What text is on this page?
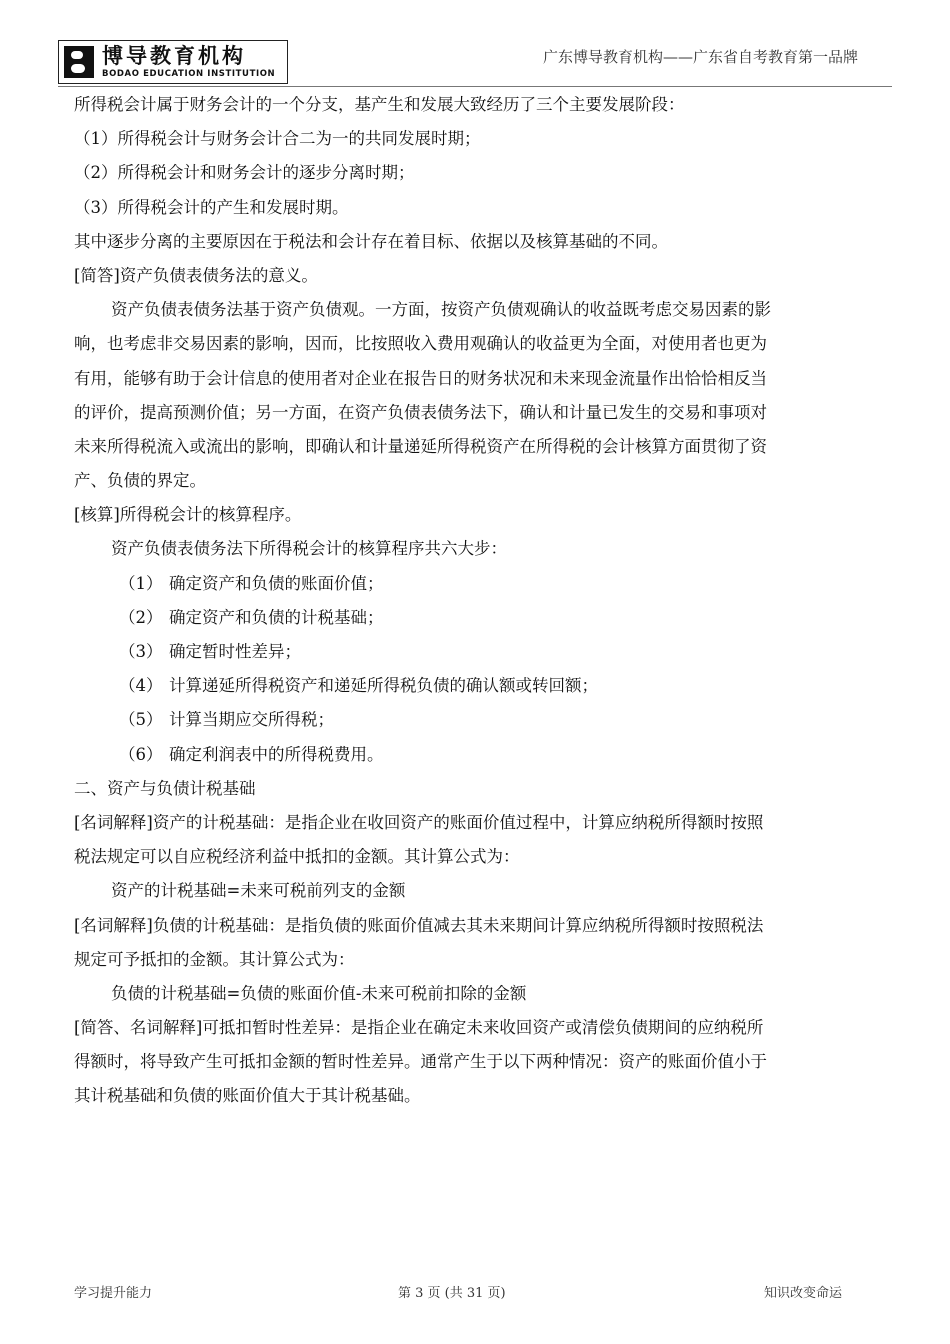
博导教育机构
BODAO EDUCATION INSTITUTION
广东博导教育机构——广东省自考教育第一品牌
所得税会计属于财务会计的一个分支，基产生和发展大致经历了三个主要发展阶段：
（1）所得税会计与财务会计合二为一的共同发展时期；
（2）所得税会计和财务会计的逐步分离时期；
（3）所得税会计的产生和发展时期。
其中逐步分离的主要原因在于税法和会计存在着目标、依据以及核算基础的不同。
[简答]资产负债表债务法的意义。
资产负债表债务法基于资产负债观。一方面，按资产负债观确认的收益既考虑交易因素的影
响，也考虑非交易因素的影响，因而，比按照收入费用观确认的收益更为全面，对使用者也更为
有用，能够有助于会计信息的使用者对企业在报告日的财务状况和未来现金流量作出恰恰相反当
的评价，提高预测价值；另一方面，在资产负债表债务法下，确认和计量已发生的交易和事项对
未来所得税流入或流出的影响，即确认和计量递延所得税资产在所得税的会计核算方面贯彻了资
产、负债的界定。
[核算]所得税会计的核算程序。
资产负债表债务法下所得税会计的核算程序共六大步：
（1） 确定资产和负债的账面价值；
（2） 确定资产和负债的计税基础；
（3） 确定暂时性差异；
（4） 计算递延所得税资产和递延所得税负债的确认额或转回额；
（5） 计算当期应交所得税；
（6） 确定利润表中的所得税费用。
二、资产与负债计税基础
[名词解释]资产的计税基础：是指企业在收回资产的账面价值过程中，计算应纳税所得额时按照
税法规定可以自应税经济利益中抵扣的金额。其计算公式为：
资产的计税基础=未来可税前列支的金额
[名词解释]负债的计税基础：是指负债的账面价值减去其未来期间计算应纳税所得额时按照税法
规定可予抵扣的金额。其计算公式为：
负债的计税基础=负债的账面价值-未来可税前扣除的金额
[简答、名词解释]可抵扣暂时性差异：是指企业在确定未来收回资产或清偿负债期间的应纳税所
得额时，将导致产生可抵扣金额的暂时性差异。通常产生于以下两种情况：资产的账面价值小于
其计税基础和负债的账面价值大于其计税基础。
学习提升能力	第 3 页 (共 31 页)	知识改变命运
